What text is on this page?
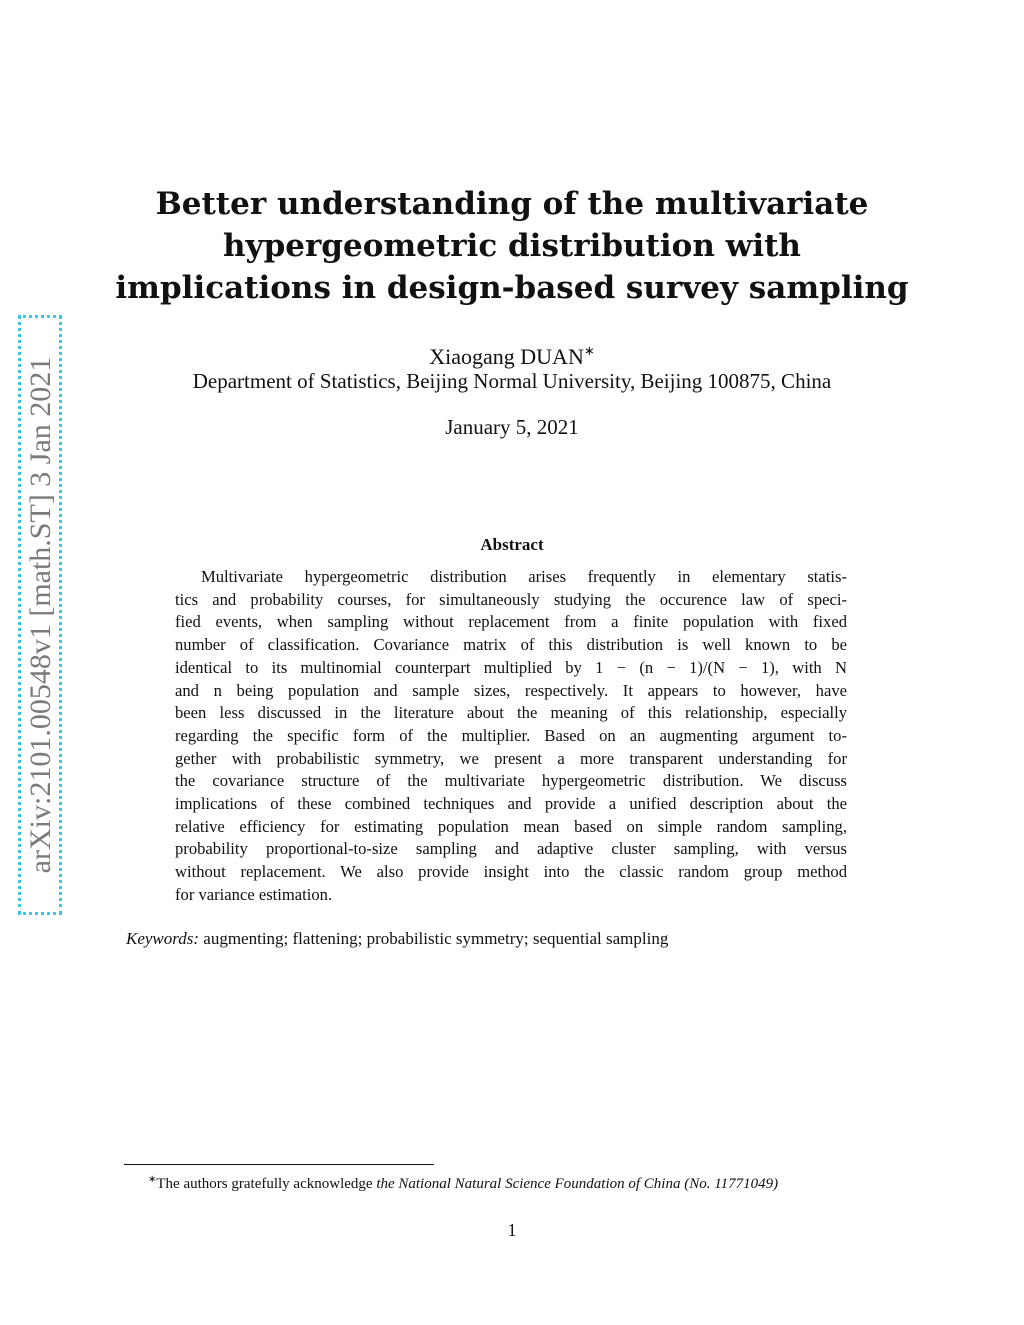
arXiv:2101.00548v1 [math.ST] 3 Jan 2021
Better understanding of the multivariate
hypergeometric distribution with
implications in design-based survey sampling
Xiaogang DUAN∗
Department of Statistics, Beijing Normal University, Beijing 100875, China
January 5, 2021
Abstract
Multivariate hypergeometric distribution arises frequently in elementary statis-
tics and probability courses, for simultaneously studying the occurence law of speci-
fied events, when sampling without replacement from a finite population with fixed
number of classification. Covariance matrix of this distribution is well known to be
identical to its multinomial counterpart multiplied by 1 − (n − 1)/(N − 1), with N
and n being population and sample sizes, respectively. It appears to however, have
been less discussed in the literature about the meaning of this relationship, especially
regarding the specific form of the multiplier. Based on an augmenting argument to-
gether with probabilistic symmetry, we present a more transparent understanding for
the covariance structure of the multivariate hypergeometric distribution. We discuss
implications of these combined techniques and provide a unified description about the
relative efficiency for estimating population mean based on simple random sampling,
probability proportional-to-size sampling and adaptive cluster sampling, with versus
without replacement. We also provide insight into the classic random group method
for variance estimation.
Keywords: augmenting; flattening; probabilistic symmetry; sequential sampling
∗The authors gratefully acknowledge the National Natural Science Foundation of China (No. 11771049)
1
